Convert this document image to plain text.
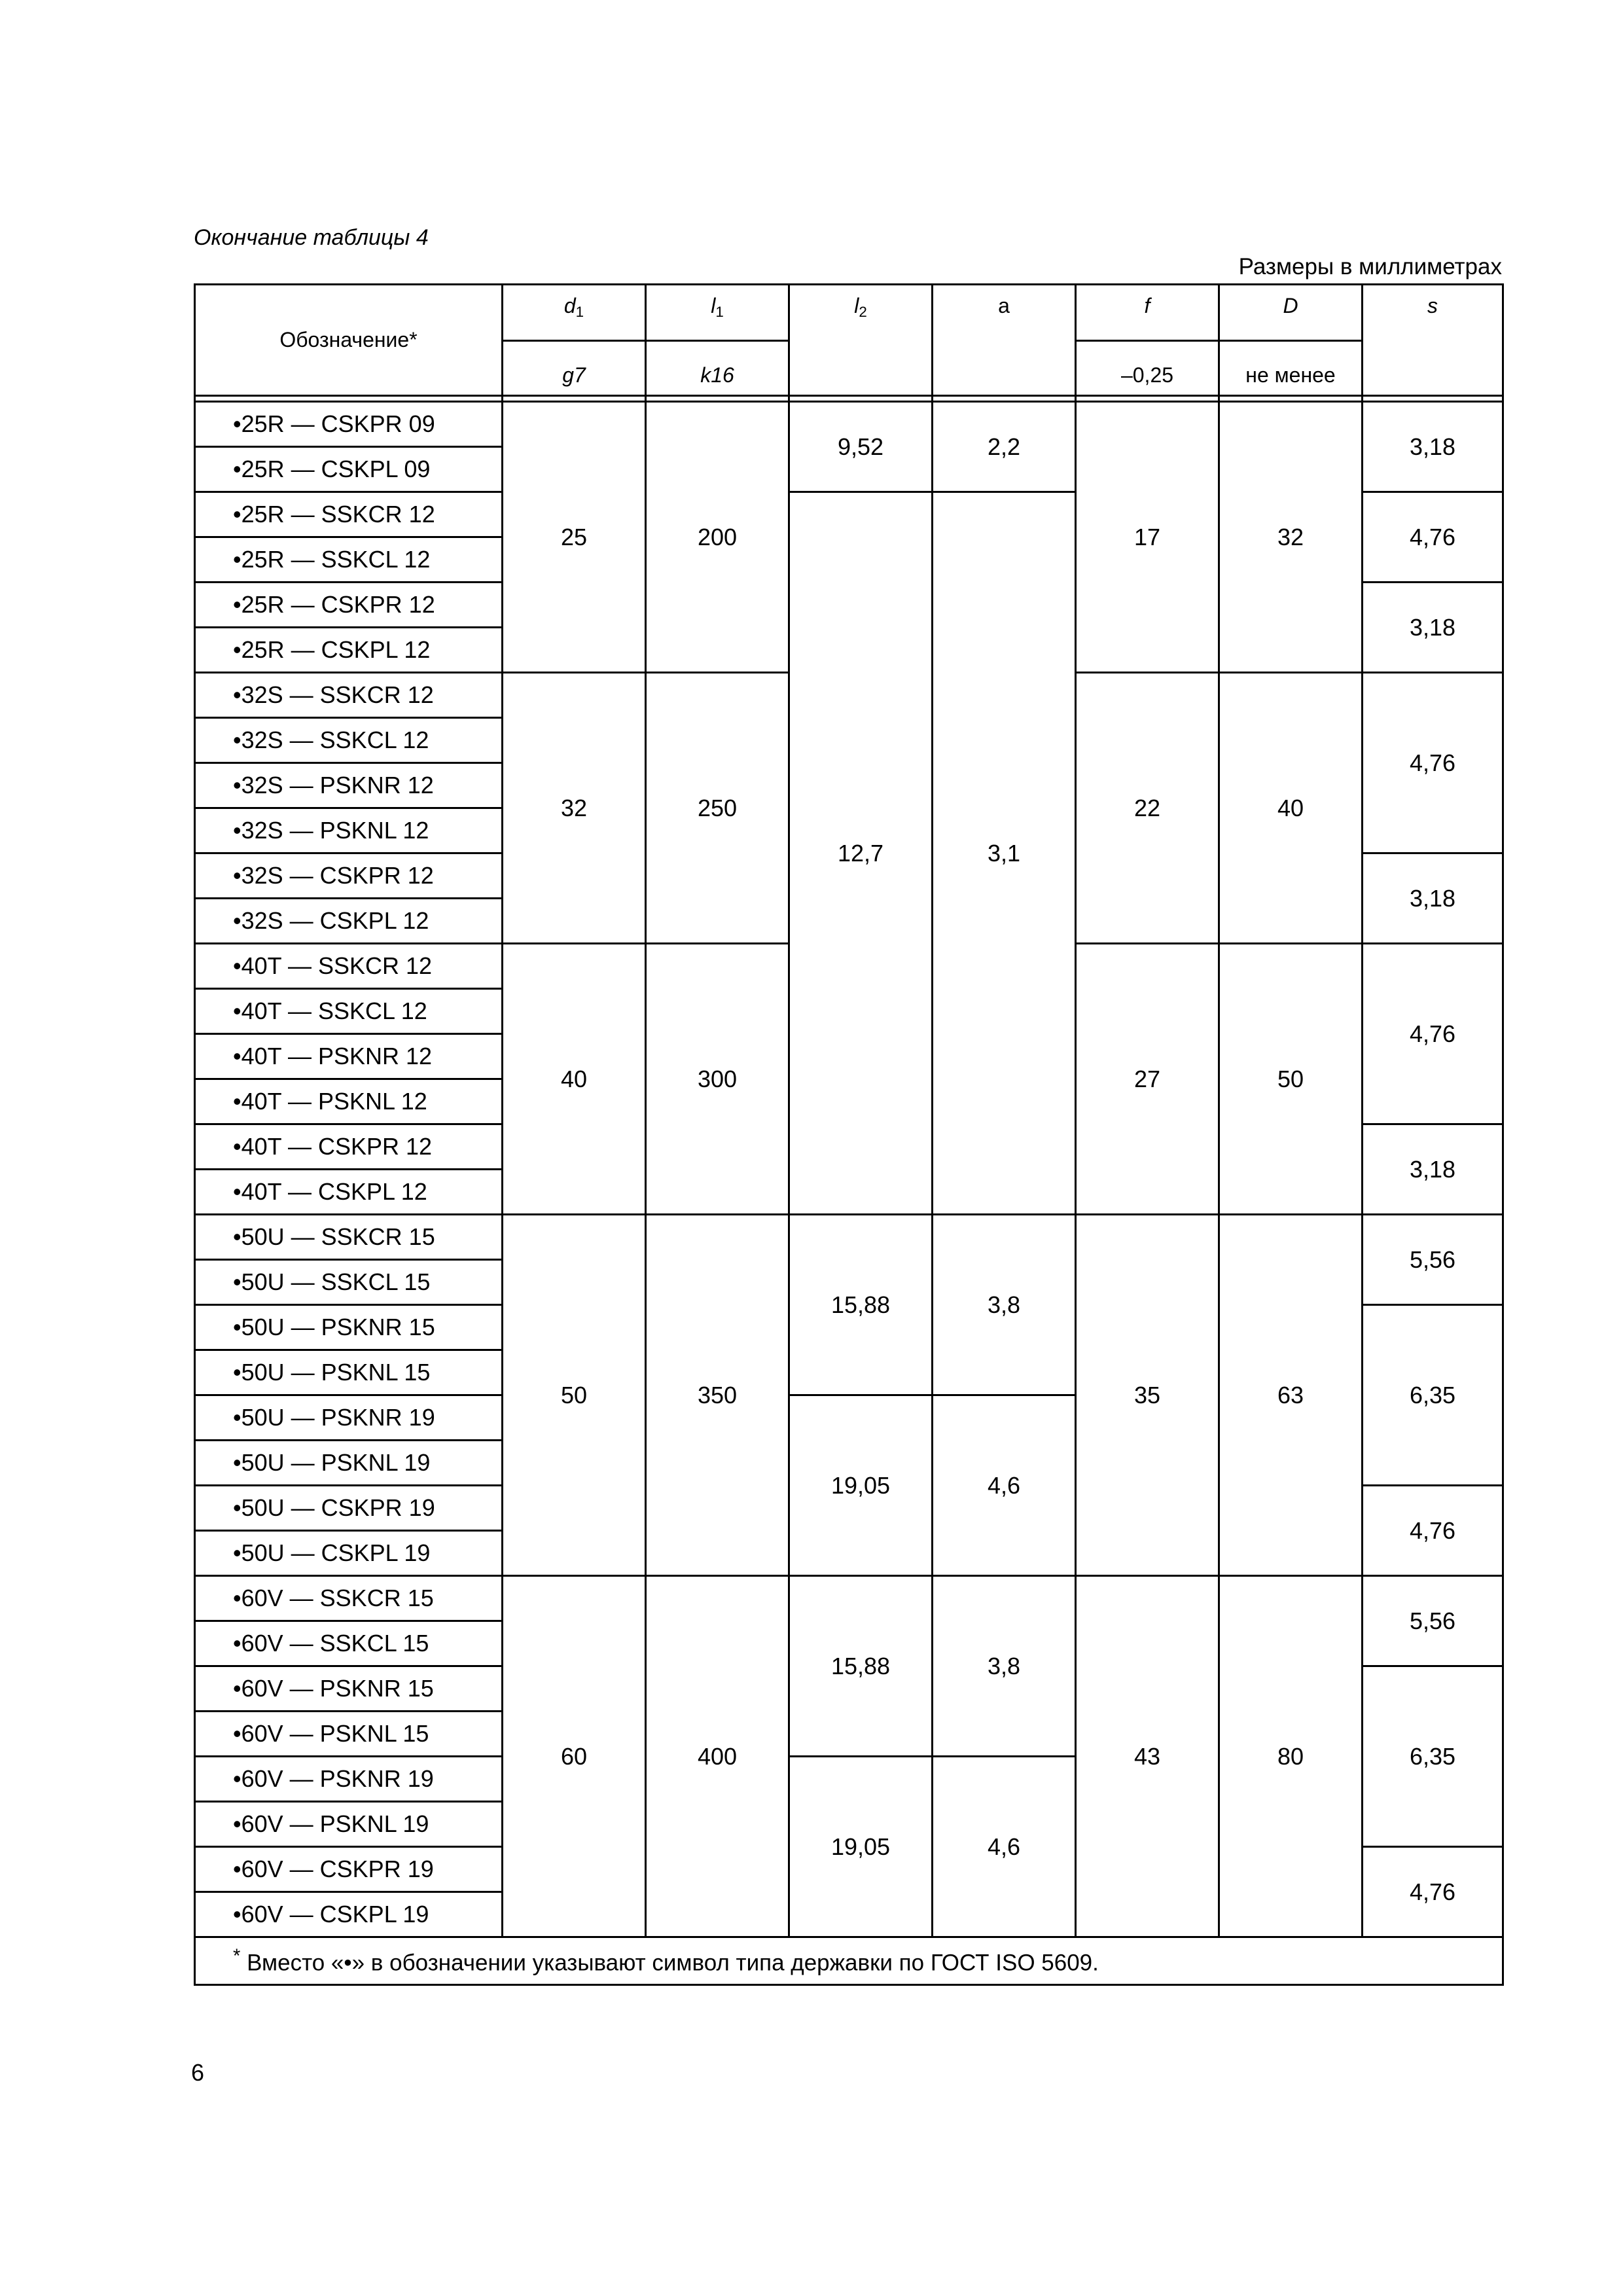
Окончание таблицы 4
Размеры в миллиметрах
Обозначение*	$d_1$	$l_1$	$l_2$	a	f	D	s
	g7	k16			–0,25	не менее	

•25R — CSKPR 09	25	200	9,52	2,2	17	32	3,18
•25R — CSKPL 09							
•25R — SSKCR 12			12,7	3,1			4,76
•25R — SSKCL 12							
•25R — CSKPR 12							3,18
•25R — CSKPL 12							
•32S — SSKCR 12	32	250			22	40	4,76
•32S — SSKCL 12							
•32S — PSKNR 12							
•32S — PSKNL 12							
•32S — CSKPR 12							3,18
•32S — CSKPL 12							
•40T — SSKCR 12	40	300			27	50	4,76
•40T — SSKCL 12							
•40T — PSKNR 12							
•40T — PSKNL 12							
•40T — CSKPR 12							3,18
•40T — CSKPL 12							
•50U — SSKCR 15	50	350	15,88	3,8	35	63	5,56
•50U — SSKCL 15							
•50U — PSKNR 15							6,35
•50U — PSKNL 15							
•50U — PSKNR 19			19,05	4,6			
•50U — PSKNL 19							
•50U — CSKPR 19							4,76
•50U — CSKPL 19							
•60V — SSKCR 15	60	400	15,88	3,8	43	80	5,56
•60V — SSKCL 15							
•60V — PSKNR 15							6,35
•60V — PSKNL 15							
•60V — PSKNR 19			19,05	4,6			
•60V — PSKNL 19							
•60V — CSKPR 19							4,76
•60V — CSKPL 19							
* Вместо «•» в обозначении указывают символ типа державки по ГОСТ ISO 5609.							
6
